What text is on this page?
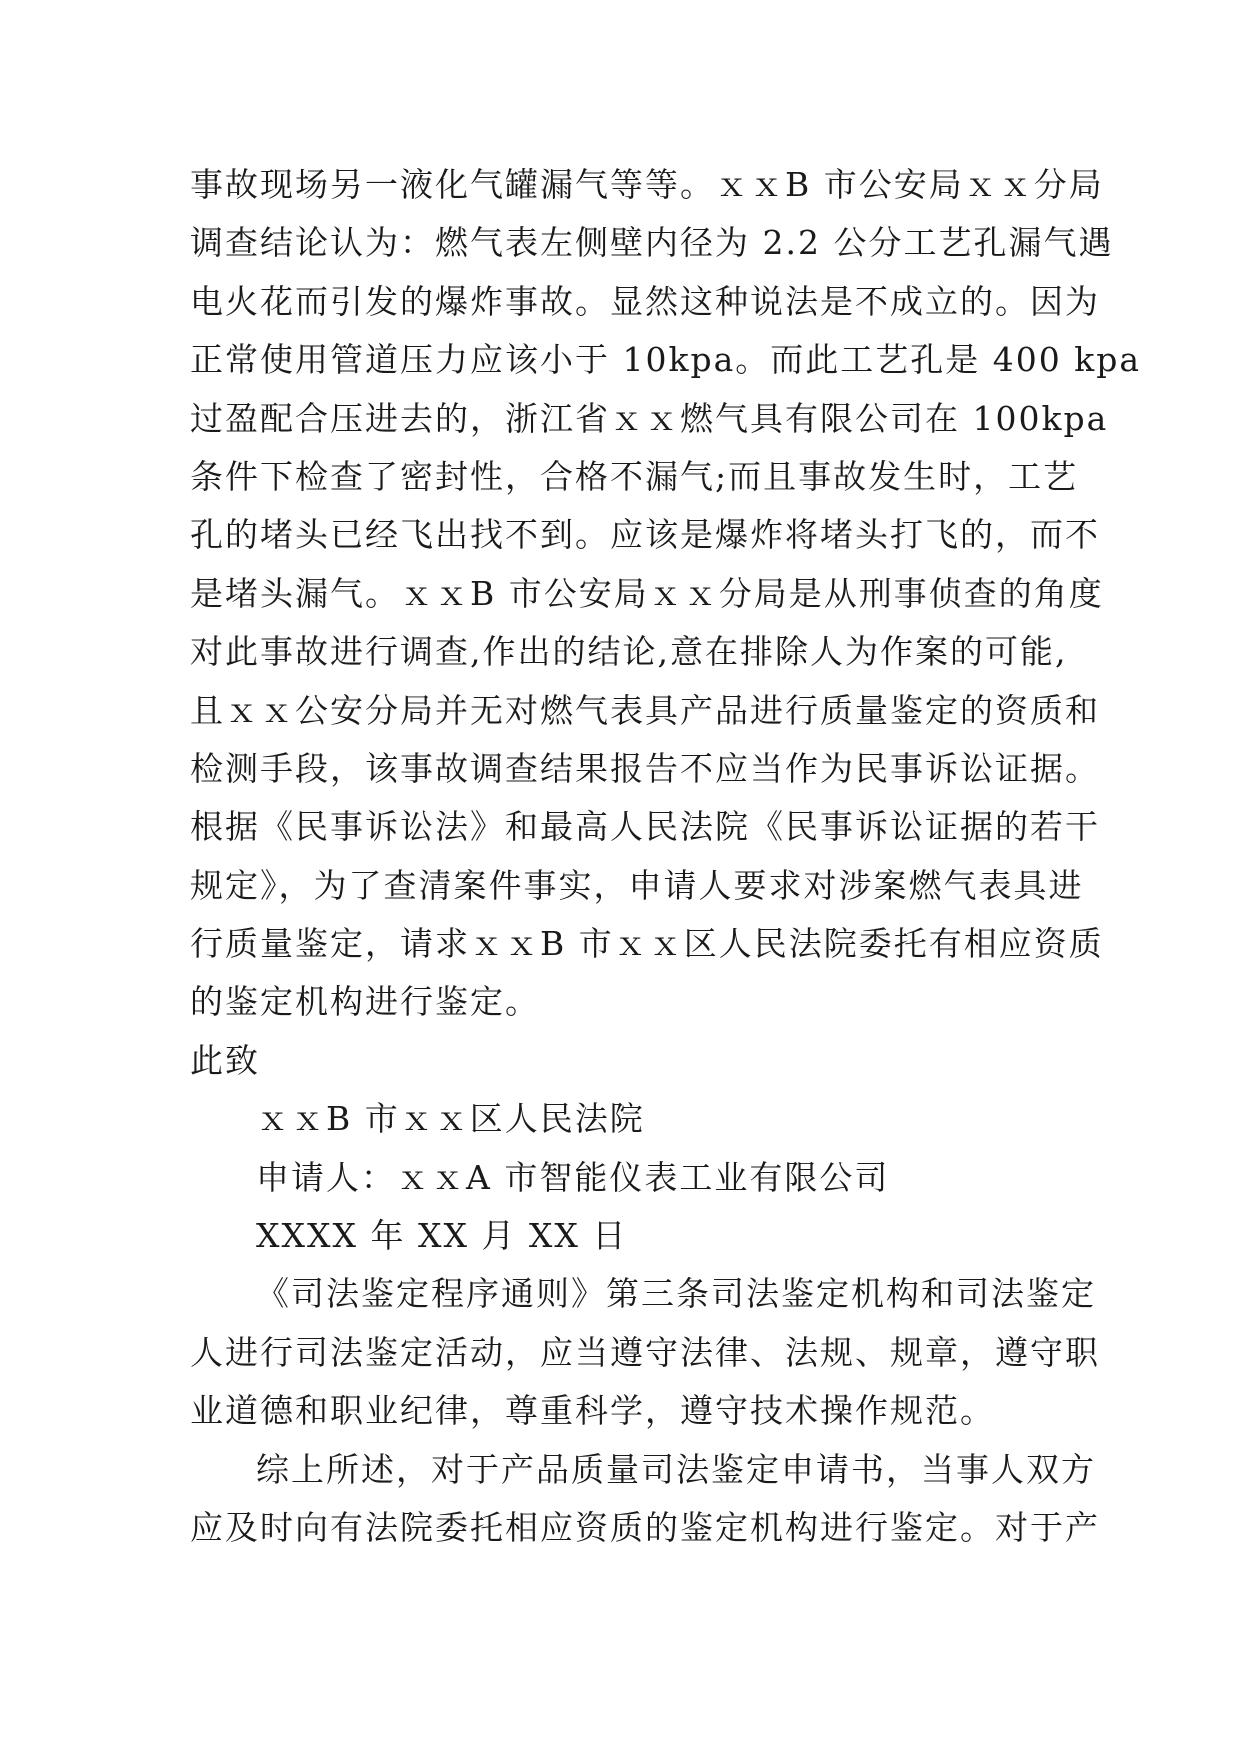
事故现场另一液化气罐漏气等等。ｘｘB 市公安局ｘｘ分局
调查结论认为：燃气表左侧壁内径为 2.2 公分工艺孔漏气遇
电火花而引发的爆炸事故。显然这种说法是不成立的。因为
正常使用管道压力应该小于 10kpa。而此工艺孔是 400 kpa
过盈配合压进去的，浙江省ｘｘ燃气具有限公司在 100kpa
条件下检查了密封性，合格不漏气;而且事故发生时，工艺
孔的堵头已经飞出找不到。应该是爆炸将堵头打飞的，而不
是堵头漏气。ｘｘB 市公安局ｘｘ分局是从刑事侦查的角度
对此事故进行调查,作出的结论,意在排除人为作案的可能,
且ｘｘ公安分局并无对燃气表具产品进行质量鉴定的资质和
检测手段，该事故调查结果报告不应当作为民事诉讼证据。
根据《民事诉讼法》和最高人民法院《民事诉讼证据的若干
规定》，为了查清案件事实，申请人要求对涉案燃气表具进
行质量鉴定，请求ｘｘB 市ｘｘ区人民法院委托有相应资质
的鉴定机构进行鉴定。
此致
ｘｘB 市ｘｘ区人民法院
申请人：ｘｘA 市智能仪表工业有限公司
XXXX 年 XX 月 XX 日
《司法鉴定程序通则》第三条司法鉴定机构和司法鉴定
人进行司法鉴定活动，应当遵守法律、法规、规章，遵守职
业道德和职业纪律，尊重科学，遵守技术操作规范。
综上所述，对于产品质量司法鉴定申请书，当事人双方
应及时向有法院委托相应资质的鉴定机构进行鉴定。对于产
